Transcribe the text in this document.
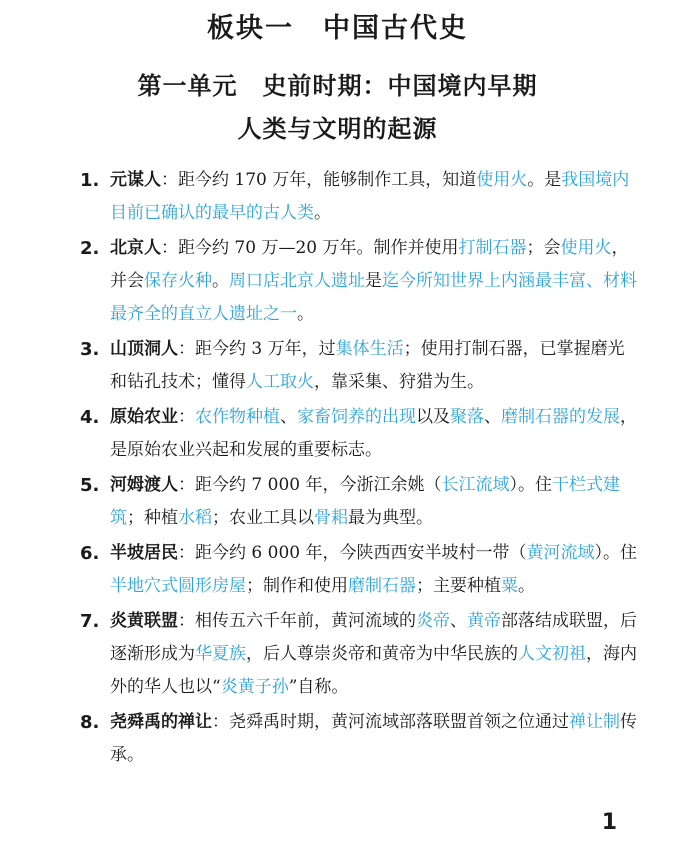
板块一　中国古代史
第一单元　史前时期：中国境内早期
人类与文明的起源
1. 元谋人：距今约 170 万年，能够制作工具，知道使用火。是我国境内目前已确认的最早的古人类。
2. 北京人：距今约 70 万—20 万年。制作并使用打制石器；会使用火，并会保存火种。周口店北京人遗址是迄今所知世界上内涵最丰富、材料最齐全的直立人遗址之一。
3. 山顶洞人：距今约 3 万年，过集体生活；使用打制石器，已掌握磨光和钻孔技术；懂得人工取火，靠采集、狩猎为生。
4. 原始农业：农作物种植、家畜饲养的出现以及聚落、磨制石器的发展，是原始农业兴起和发展的重要标志。
5. 河姆渡人：距今约 7 000 年，今浙江余姚（长江流域）。住干栏式建筑；种植水稻；农业工具以骨耜最为典型。
6. 半坡居民：距今约 6 000 年，今陕西西安半坡村一带（黄河流域）。住半地穴式圆形房屋；制作和使用磨制石器；主要种植粟。
7. 炎黄联盟：相传五六千年前，黄河流域的炎帝、黄帝部落结成联盟，后逐渐形成为华夏族，后人尊崇炎帝和黄帝为中华民族的人文初祖，海内外的华人也以“炎黄子孙”自称。
8. 尧舜禹的禅让：尧舜禹时期，黄河流域部落联盟首领之位通过禅让制传承。
1
